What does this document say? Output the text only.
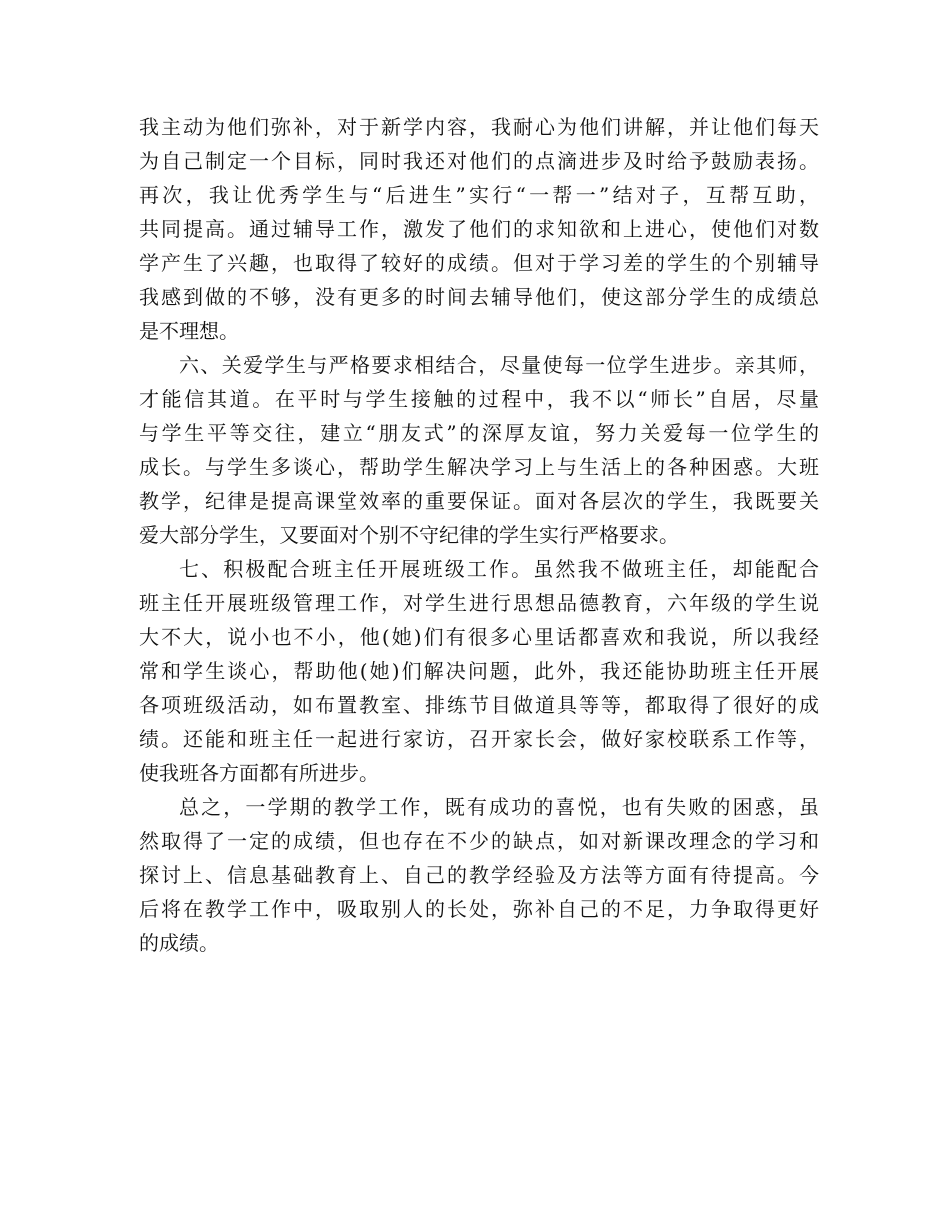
我主动为他们弥补，对于新学内容，我耐心为他们讲解，并让他们每天
为自己制定一个目标，同时我还对他们的点滴进步及时给予鼓励表扬。
再次，我让优秀学生与“后进生”实行“一帮一”结对子，互帮互助，
共同提高。通过辅导工作，激发了他们的求知欲和上进心，使他们对数
学产生了兴趣，也取得了较好的成绩。但对于学习差的学生的个别辅导
我感到做的不够，没有更多的时间去辅导他们，使这部分学生的成绩总
是不理想。
六、关爱学生与严格要求相结合，尽量使每一位学生进步。亲其师，
才能信其道。在平时与学生接触的过程中，我不以“师长”自居，尽量
与学生平等交往，建立“朋友式”的深厚友谊，努力关爱每一位学生的
成长。与学生多谈心，帮助学生解决学习上与生活上的各种困惑。大班
教学，纪律是提高课堂效率的重要保证。面对各层次的学生，我既要关
爱大部分学生，又要面对个别不守纪律的学生实行严格要求。
七、积极配合班主任开展班级工作。虽然我不做班主任，却能配合
班主任开展班级管理工作，对学生进行思想品德教育，六年级的学生说
大不大，说小也不小，他(她)们有很多心里话都喜欢和我说，所以我经
常和学生谈心，帮助他(她)们解决问题，此外，我还能协助班主任开展
各项班级活动，如布置教室、排练节目做道具等等，都取得了很好的成
绩。还能和班主任一起进行家访，召开家长会，做好家校联系工作等，
使我班各方面都有所进步。
总之，一学期的教学工作，既有成功的喜悦，也有失败的困惑，虽
然取得了一定的成绩，但也存在不少的缺点，如对新课改理念的学习和
探讨上、信息基础教育上、自己的教学经验及方法等方面有待提高。今
后将在教学工作中，吸取别人的长处，弥补自己的不足，力争取得更好
的成绩。
